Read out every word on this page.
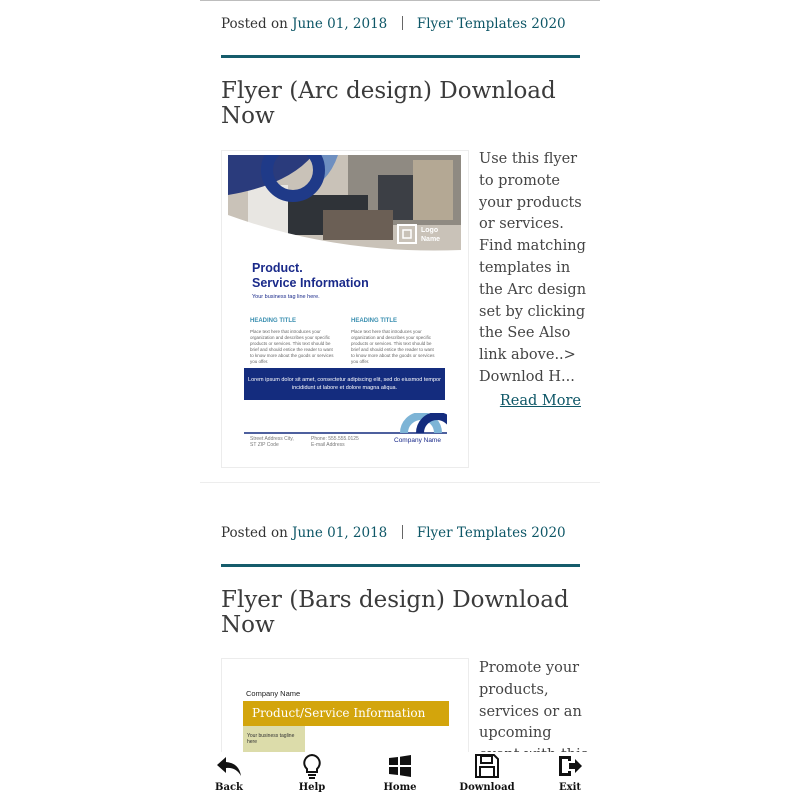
Posted on June 01, 2018 Flyer Templates 2020
Flyer (Arc design) Download Now
Logo Name
Product.
Service Information
Your business tag line here.
HEADING TITLE	HEADING TITLE
Place text here that introduces your organization and describes your specific products or services. This text should be brief and should entice the reader to want to know more about the goods or services you offer.
Place text here that introduces your organization and describes your specific products or services. This text should be brief and should entice the reader to want to know more about the goods or services you offer.
Lorem ipsum dolor sit amet, consectetur adipiscing elit, sed do eiusmod tempor incididunt ut labore et dolore magna aliqua.
Street Address City, ST ZIP Code
Phone: 555.555.0125 E-mail Address
Company Name
Use this flyer to promote your products or services. Find matching templates in the Arc design set by clicking the See Also link above..> Downlod H...
Read More
Posted on June 01, 2018 Flyer Templates 2020
Flyer (Bars design) Download Now
Company Name
Product/Service Information
Your business tagline here
Promote your products, services or an upcoming
Back	Help	Home	Download	Exit
